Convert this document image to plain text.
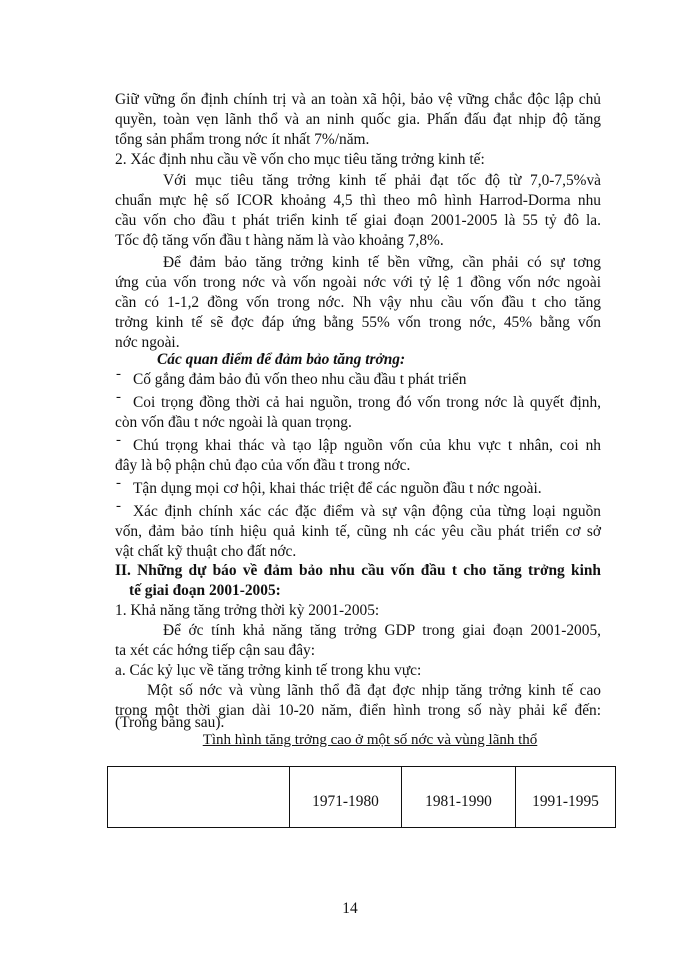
Giữ vững ổn định chính trị và an toàn xã hội, bảo vệ vững chắc độc lập chủ
quyền, toàn vẹn lãnh thổ và an ninh quốc gia. Phấn đấu đạt nhịp độ tăng
tổng sản phẩm trong nớc ít nhất 7%/năm.
2. Xác định nhu cầu về vốn cho mục tiêu tăng trởng kinh tế:
Với mục tiêu tăng trởng kinh tế phải đạt tốc độ từ 7,0-7,5%và
chuẩn mực hệ số ICOR khoảng 4,5 thì theo mô hình Harrod-Dorma nhu
cầu vốn cho đầu t phát triển kinh tế giai đoạn 2001-2005 là 55 tỷ đô la.
Tốc độ tăng vốn đầu t hàng năm là vào khoảng 7,8%.
Để đảm bảo tăng trởng kinh tế bền vững, cần phải có sự tơng
ứng của vốn trong nớc và vốn ngoài nớc với tỷ lệ 1 đồng vốn nớc ngoài
cần có 1-1,2 đồng vốn trong nớc. Nh vậy nhu cầu vốn đầu t cho tăng
trởng kinh tế sẽ đợc đáp ứng bằng 55% vốn trong nớc, 45% bằng vốn
nớc ngoài.
Các quan điểm để đảm bảo tăng trởng:
- Cố gắng đảm bảo đủ vốn theo nhu cầu đầu t phát triển
- Coi trọng đồng thời cả hai nguồn, trong đó vốn trong nớc là quyết định,
còn vốn đầu t nớc ngoài là quan trọng.
- Chú trọng khai thác và tạo lập nguồn vốn của khu vực t nhân, coi nh
đây là bộ phận chủ đạo của vốn đầu t trong nớc.
- Tận dụng mọi cơ hội, khai thác triệt để các nguồn đầu t nớc ngoài.
- Xác định chính xác các đặc điểm và sự vận động của từng loại nguồn
vốn, đảm bảo tính hiệu quả kinh tế, cũng nh các yêu cầu phát triển cơ sở
vật chất kỹ thuật cho đất nớc.
II. Những dự báo về đảm bảo nhu cầu vốn đầu t cho tăng trởng kinh
tế giai đoạn 2001-2005:
1. Khả năng tăng trởng thời kỳ 2001-2005:
Để ớc tính khả năng tăng trởng GDP trong giai đoạn 2001-2005,
ta xét các hớng tiếp cận sau đây:
a. Các kỷ lục về tăng trởng kinh tế trong khu vực:
Một số nớc và vùng lãnh thổ đã đạt đợc nhịp tăng trởng kinh tế cao
trong một thời gian dài 10-20 năm, điển hình trong số này phải kể đến:
(Trong bảng sau).
Tình hình tăng trởng cao ở một số nớc và vùng lãnh thổ
	1971-1980	1981-1990	1991-1995
14
